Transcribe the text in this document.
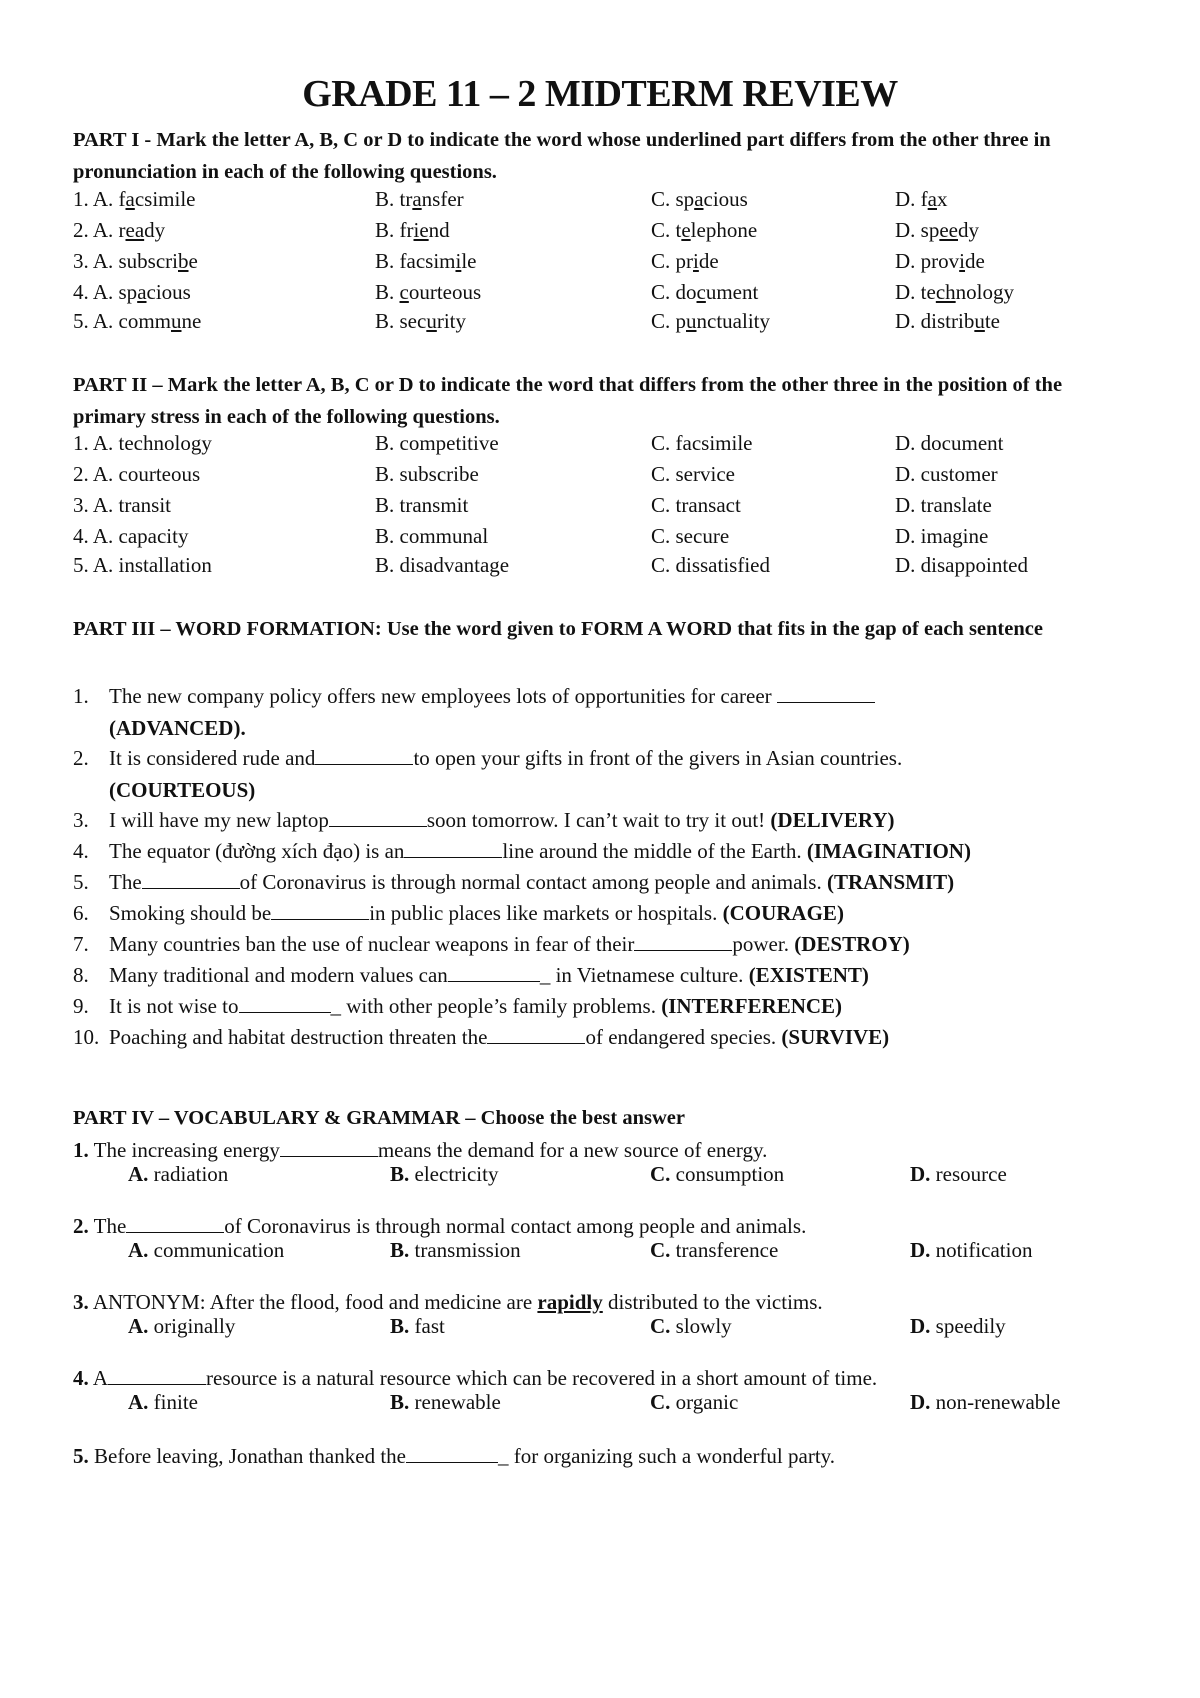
GRADE 11 – 2 MIDTERM REVIEW
PART I - Mark the letter A, B, C or D to indicate the word whose underlined part differs from the other three in pronunciation in each of the following questions.
1. A. facsimile	B. transfer	C. spacious	D. fax
2. A. ready	B. friend	C. telephone	D. speedy
3. A. subscribe	B. facsimile	C. pride	D. provide
4. A. spacious	B. courteous	C. document	D. technology
5. A. commune	B. security	C. punctuality	D. distribute
PART II – Mark the letter A, B, C or D to indicate the word that differs from the other three in the position of the primary stress in each of the following questions.
1. A. technology	B. competitive	C. facsimile	D. document
2. A. courteous	B. subscribe	C. service	D. customer
3. A. transit	B. transmit	C. transact	D. translate
4. A. capacity	B. communal	C. secure	D. imagine
5. A. installation	B. disadvantage	C. dissatisfied	D. disappointed
PART III – WORD FORMATION: Use the word given to FORM A WORD that fits in the gap of each sentence
1. The new company policy offers new employees lots of opportunities for career
(ADVANCED).
2. It is considered rude and	to open your gifts in front of the givers in Asian countries.
(COURTEOUS)
3. I will have my new laptop	soon tomorrow. I can’t wait to try it out! (DELIVERY)
4. The equator (đường xích đạo) is an	line around the middle of the Earth. (IMAGINATION)
5. The	of Coronavirus is through normal contact among people and animals. (TRANSMIT)
6. Smoking should be	in public places like markets or hospitals. (COURAGE)
7. Many countries ban the use of nuclear weapons in fear of their	power. (DESTROY)
8. Many traditional and modern values can	_ in Vietnamese culture. (EXISTENT)
9. It is not wise to	_ with other people’s family problems. (INTERFERENCE)
10. Poaching and habitat destruction threaten the	of endangered species. (SURVIVE)
PART IV – VOCABULARY & GRAMMAR – Choose the best answer
1. The increasing energy	means the demand for a new source of energy.
A. radiation	B. electricity	C. consumption	D. resource
2. The	of Coronavirus is through normal contact among people and animals.
A. communication	B. transmission	C. transference	D. notification
3. ANTONYM: After the flood, food and medicine are rapidly distributed to the victims.
A. originally	B. fast	C. slowly	D. speedily
4. A	resource is a natural resource which can be recovered in a short amount of time.
A. finite	B. renewable	C. organic	D. non-renewable
5. Before leaving, Jonathan thanked the	_ for organizing such a wonderful party.
